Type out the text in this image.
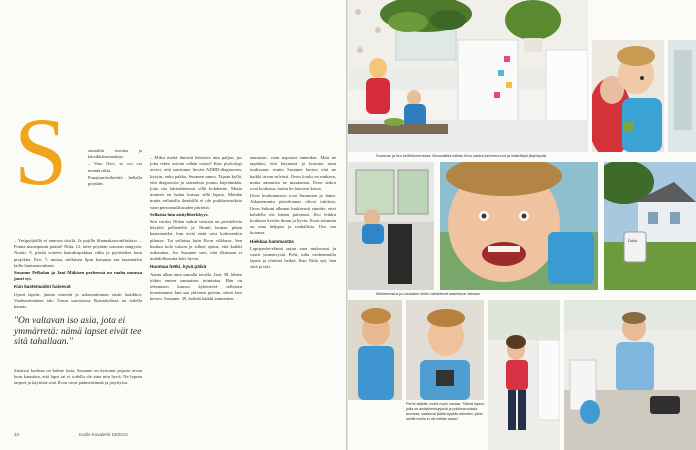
S	aunatilin ruoslaa ja kärsikkätomaatteja.

– Varo Ilwo, se voi vai mennä rikki.

Punajuuriesikeittiö hellalla pöytään.

– Vesipyöjäillä ei annosta riisilä. Ja pojille lihamakarooniläsittoo. – Ponna mansipuuni päästä! Niila, 12, tulee pöytään sauvaan sängystä. Nuutti, 9, pistää voiteen kaarukirpakkaa välin ja pyöriteliee kuin projektia. Ilvo, 7, tuntaa, millaisen lipin kotaapia saa lauantailen lailla laminatoonkaan.

Susanne Pelkolan ja Jani Mäkisen perheessä on raaha muussa juuri syt.

Kun kastemaidot haisevat

Upeat tapetit, jännia esineitä ja uskomattoman siistit laatikkot. Vaaleaseinäinen talo Turun saaristossa Rymättylässä on todella kaunis.

"On valtavan iso asia, jota ei ymmärretä: nämä lapset eivät tee sitä tahallaan."

Siistissä kodissa on kolme lasta. Susanne on kertonut pojasta aivan kuin kauniina, että lapsi tai ei todella ole aina niin hyvä. Ne lapsen tarpeet ja käytöstä ovat Ilvon oivat päämerkinnät ja jäsyttyisa.

– Miksi meitä ihmisiä häiritsee niin paljon, jos joku tekee asioita vähän toisin? Kun psykologi arvioi, että saisimme lievän ADHD-diagnoosin, kysyin, onko pakko, Susanne sanoo. Tajuan kyllä, että diagnoosia ja sairaaksia joutuu käyttämään, jotta saa lakisääteisesti sillä kohdenne. Mutta muuten en halua kutsua sillä lapsia. Meidän mutta erilaisilla ihmisillä ei ole poikkeavuuksia vaan persoonallisuuden piirteitä.

Sellaista luin aistiyliherkkyys.

Sen vuoksi Niilan saduit vasttaat on perittelevät käyttöä pelheneltä ja Nuutti haittaa pihan kastemaidot, kun eivät enää uiva kolmeenkin pihassa. Tai sellaista kuin Ilvon vilkkuus. Sen kuuluu kolo tuloon ja siihen ajatus, että kaikki turhauttaa. Jos Susanne savi, että ilkimaan ei mahdollisuutta kävi hyvin.

Huomaa hetki, hyvä päivä

Aamu alkaa aina samalla tavalla. Jani, 38, lähtee töihin ennen aamiaisen toimintaa. Hän on tekemisen kanssa kykeneviä sellaisen koneitamme Jani saa yhteisen pyörän, sitten Jani kertoo. Susanne, 39, keittää kaikki aamiainen.

aamuisin, vaan nopeasti ennenkin. Mitä ne tapahtui, että käynnisä ja kortuita asiat tuulissaan, mutta Susanne kertoo että ne kaikki aivan selvästi. Ilvon koulu on mukava, mutta aamuisin ne muutamaa. Ilvon siskot ovat koulussa, mutta he hoitavat kotoa.

Ilvon koulunumero ovat Susannen ja Janin. Aikaisemmin päivälounas olivat tuloksia. Ilvon Sukuni alhunut luultavasti sinnitte, ettei kahdella ole hänen päivänsä. Ilvo leikkii koulussa kevein ilman ja hyvin. Ilvon toiminta on aina helppoa ja rauhallista. Ilvo saa kotonsa.

Hiekkaa hammastäs

Lapsiperhe-elämä sujuu aina mukavasti ja vaatii ymmärrystä. Pelit, tulla vanhemmilla lapsia ja yhteisiä hetkiä. Kun Niila syö, hän siitä ja iski.

34	Kodin Kuvalehti 19/2013
Susanne ja Ilvo keittiöhommissa. Muovaileila mittaa Ilvon uskilut pehmennuot ja määrättyä järjestystä.
Dollu
Meikkerustus ja nauhaton leikki vaihtelevat saaristoon talossa.
Perhe säätää, mutta myös nauraa. "Nämä lapset, joilla on aistiyliherkkyyksiä ja poikkeavuuksia arvoissa, saattavat jäädä syrjään asioiden, joihin meillä muilla ei ole mitään asiaa."
